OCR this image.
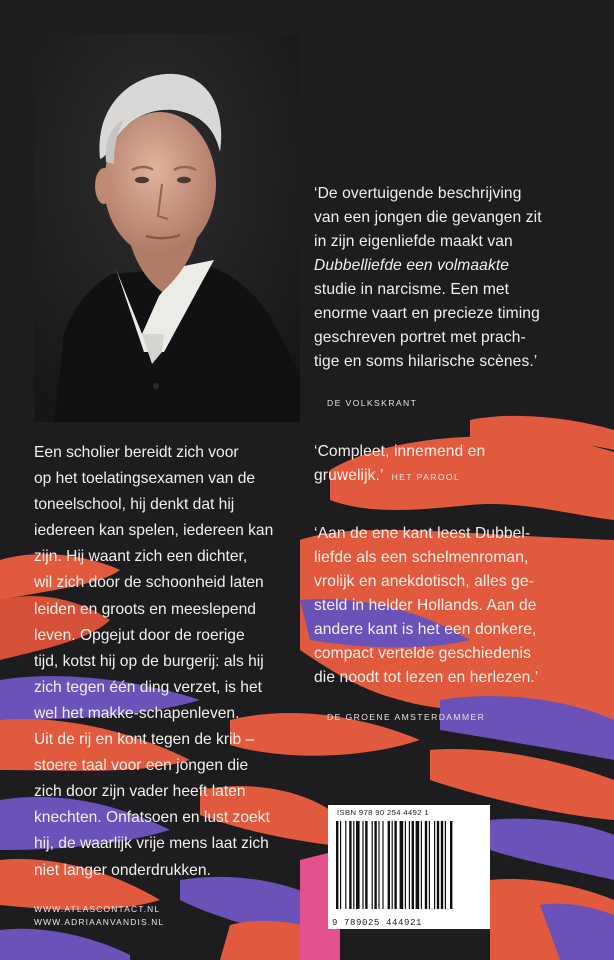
‘De overtuigende beschrijving

van een jongen die gevangen zit

in zijn eigenliefde maakt van

Dubbelliefde een volmaakte

studie in narcisme. Een met

enorme vaart en precieze timing

geschreven portret met prach-

tige en soms hilarische scènes.’

DE VOLKSKRANT

‘Compleet, innemend en

gruwelijk.’ HET PAROOL

‘Aan de ene kant leest Dubbel-

liefde als een schelmenroman,

vrolijk en anekdotisch, alles ge-

steld in helder Hollands. Aan de

andere kant is het een donkere,

compact vertelde geschiedenis

die noodt tot lezen en herlezen.’

DE GROENE AMSTERDAMMER

Een scholier bereidt zich voor

op het toelatingsexamen van de

toneelschool, hij denkt dat hij

iedereen kan spelen, iedereen kan

zijn. Hij waant zich een dichter,

wil zich door de schoonheid laten

leiden en groots en meeslepend

leven. Opgejut door de roerige

tijd, kotst hij op de burgerij: als hij

zich tegen één ding verzet, is het

wel het makke-schapenleven.

Uit de rij en kont tegen de krib –

stoere taal voor een jongen die

zich door zijn vader heeft laten

knechten. Onfatsoen en lust zoekt

hij, de waarlijk vrije mens laat zich

niet langer onderdrukken.

WWW.ATLASCONTACT.NL
WWW.ADRIAANVANDIS.NL
ISBN 978 90 254 4492 1
9 789025 444921
